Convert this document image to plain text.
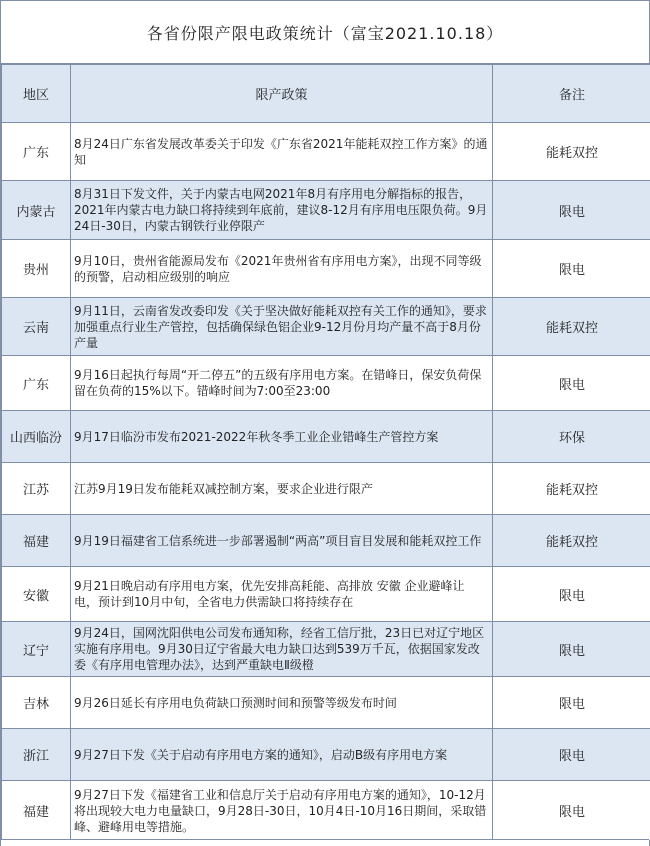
各省份限产限电政策统计（富宝2021.10.18）
地区	限产政策	备注
广东	8月24日广东省发展改革委关于印发《广东省2021年能耗双控工作方案》的通知	能耗双控
内蒙古	8月31日下发文件，关于内蒙古电网2021年8月有序用电分解指标的报告，2021年内蒙古电力缺口将持续到年底前，建议8-12月有序用电压限负荷。9月24日-30日，内蒙古钢铁行业停限产	限电
贵州	9月10日，贵州省能源局发布《2021年贵州省有序用电方案》，出现不同等级的预警，启动相应级别的响应	限电
云南	9月11日，云南省发改委印发《关于坚决做好能耗双控有关工作的通知》，要求加强重点行业生产管控，包括确保绿色铝企业9-12月份月均产量不高于8月份产量	能耗双控
广东	9月16日起执行每周“开二停五”的五级有序用电方案。在错峰日，保安负荷保留在负荷的15%以下。错峰时间为7:00至23:00	限电
山西临汾	9月17日临汾市发布2021-2022年秋冬季工业企业错峰生产管控方案	环保
江苏	江苏9月19日发布能耗双减控制方案，要求企业进行限产	能耗双控
福建	9月19日福建省工信系统进一步部署遏制“两高”项目盲目发展和能耗双控工作	能耗双控
安徽	9月21日晚启动有序用电方案，优先安排高耗能、高排放 安徽 企业避峰让电，预计到10月中旬，全省电力供需缺口将持续存在	限电
辽宁	9月24日，国网沈阳供电公司发布通知称，经省工信厅批，23日已对辽宁地区实施有序用电。9月30日辽宁省最大电力缺口达到539万千瓦，依据国家发改委《有序用电管理办法》，达到严重缺电Ⅱ级橙	限电
吉林	9月26日延长有序用电负荷缺口预测时间和预警等级发布时间	限电
浙江	9月27日下发《关于启动有序用电方案的通知》，启动B级有序用电方案	限电
福建	9月27日下发《福建省工业和信息厅关于启动有序用电方案的通知》，10-12月将出现较大电力电量缺口，9月28日-30日，10月4日-10月16日期间，采取错峰、避峰用电等措施。	限电
